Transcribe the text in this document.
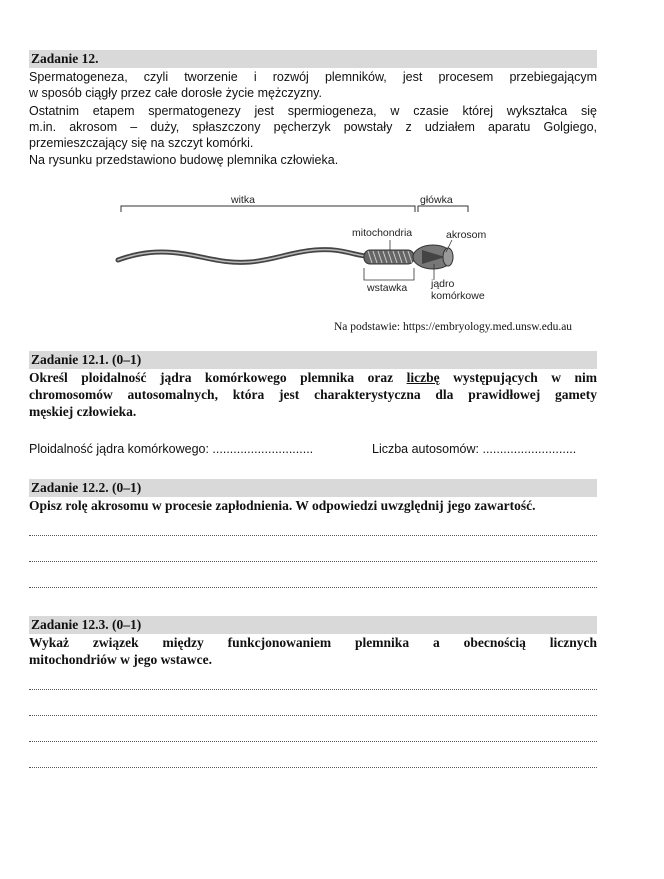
Zadanie 12.

Spermatogeneza, czyli tworzenie i rozwój plemników, jest procesem przebiegającym

w sposób ciągły przez całe dorosłe życie mężczyzny.

Ostatnim etapem spermatogenezy jest spermiogeneza, w czasie której wykształca się

m.in. akrosom – duży, spłaszczony pęcherzyk powstały z udziałem aparatu Golgiego,

przemieszczający się na szczyt komórki.

Na rysunku przedstawiono budowę plemnika człowieka.

witka	główka
mitochondria	akrosom
wstawka jądro
komórkowe

Na podstawie: https://embryology.med.unsw.edu.au

Zadanie 12.1. (0–1)

Określ ploidalność jądra komórkowego plemnika oraz liczbę występujących w nim

chromosomów autosomalnych, która jest charakterystyczna dla prawidłowej gamety

męskiej człowieka.

Ploidalność jądra komórkowego: .............................	Liczba autosomów: ...........................

Zadanie 12.2. (0–1)

Opisz rolę akrosomu w procesie zapłodnienia. W odpowiedzi uwzględnij jego zawartość.

Zadanie 12.3. (0–1)

Wykaż związek między funkcjonowaniem plemnika a obecnością licznych

mitochondriów w jego wstawce.
